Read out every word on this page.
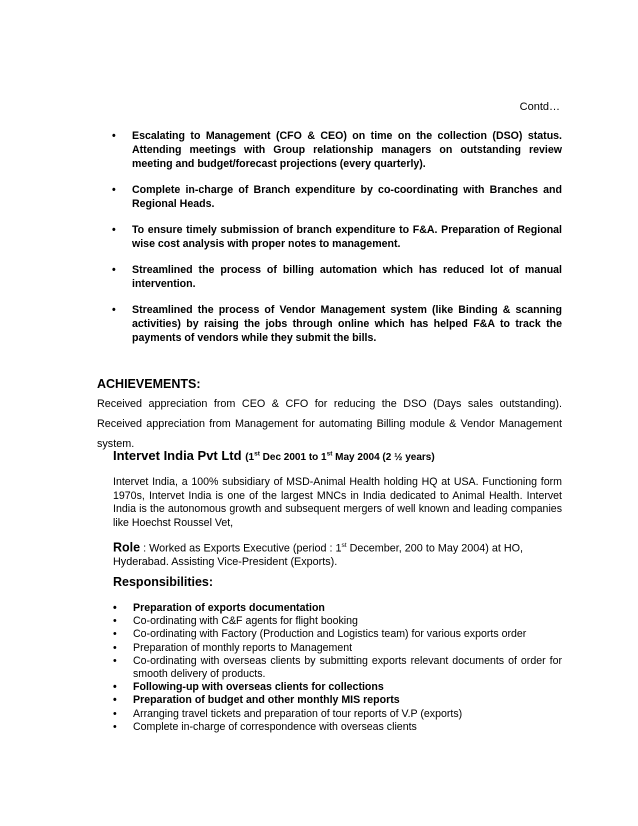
Contd…
• Escalating to Management (CFO & CEO) on time on the collection (DSO) status. Attending meetings with Group relationship managers on outstanding review meeting and budget/forecast projections (every quarterly).
• Complete in-charge of Branch expenditure by co-coordinating with Branches and Regional Heads.
• To ensure timely submission of branch expenditure to F&A. Preparation of Regional wise cost analysis with proper notes to management.
• Streamlined the process of billing automation which has reduced lot of manual intervention.
• Streamlined the process of Vendor Management system (like Binding & scanning activities) by raising the jobs through online which has helped F&A to track the payments of vendors while they submit the bills.
ACHIEVEMENTS:
Received appreciation from CEO & CFO for reducing the DSO (Days sales outstanding). Received appreciation from Management for automating Billing module & Vendor Management system.
Intervet India Pvt Ltd (1st Dec 2001 to 1st May 2004 (2 ½ years)
Intervet India, a 100% subsidiary of MSD-Animal Health holding HQ at USA. Functioning form 1970s, Intervet India is one of the largest MNCs in India dedicated to Animal Health. Intervet India is the autonomous growth and subsequent mergers of well known and leading companies like Hoechst Roussel Vet,
Role : Worked as Exports Executive (period : 1st December, 200 to May 2004) at HO, Hyderabad. Assisting Vice-President (Exports).
Responsibilities:
• Preparation of exports documentation
• Co-ordinating with C&F agents for flight booking
• Co-ordinating with Factory (Production and Logistics team) for various exports order
• Preparation of monthly reports to Management
• Co-ordinating with overseas clients by submitting exports relevant documents of order for smooth delivery of products.
• Following-up with overseas clients for collections
• Preparation of budget and other monthly MIS reports
• Arranging travel tickets and preparation of tour reports of V.P (exports)
• Complete in-charge of correspondence with overseas clients
